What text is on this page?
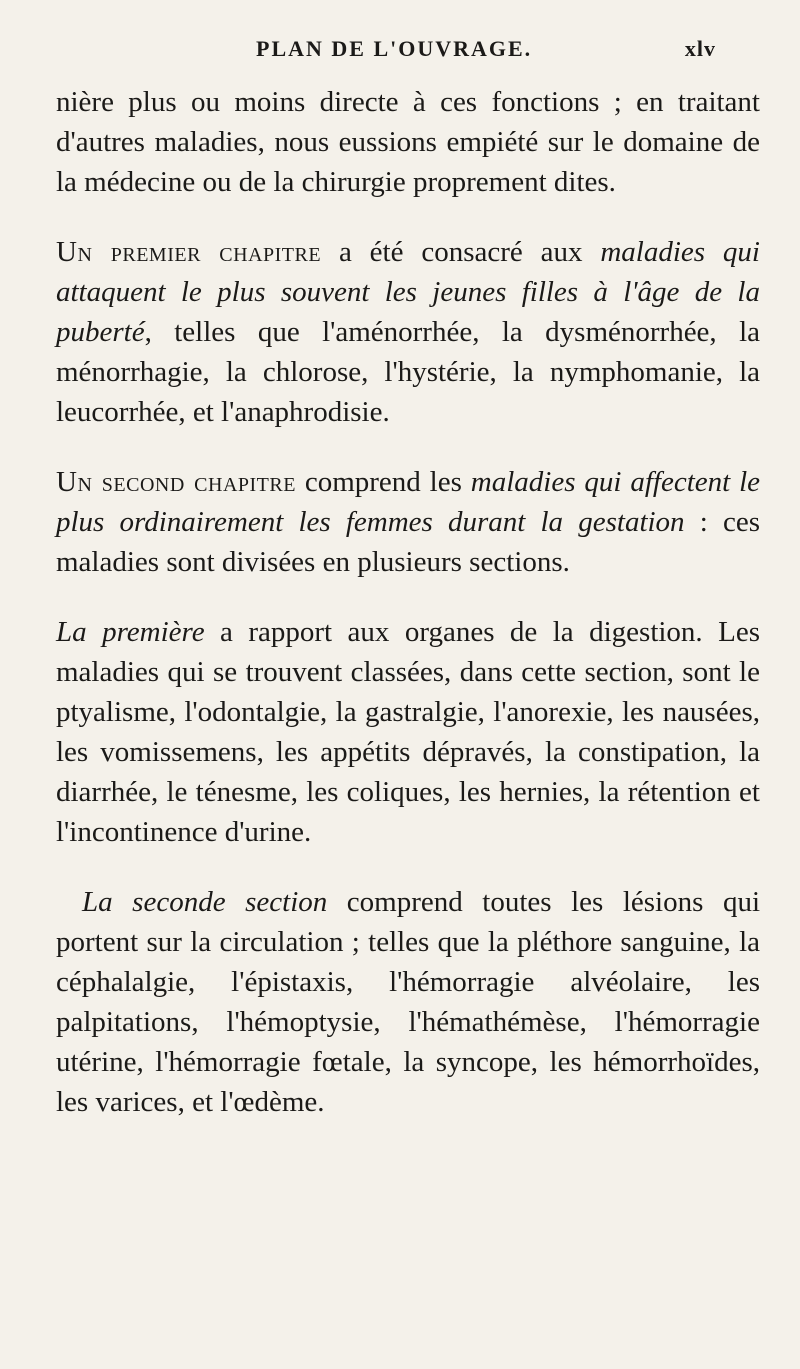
PLAN DE L'OUVRAGE.	xlv

nière plus ou moins directe à ces fonctions ; en traitant d'autres maladies, nous eussions empiété sur le domaine de la médecine ou de la chirurgie proprement dites.

Un premier chapitre a été consacré aux maladies qui attaquent le plus souvent les jeunes filles à l'âge de la puberté, telles que l'aménorrhée, la dysménorrhée, la ménorrhagie, la chlorose, l'hystérie, la nymphomanie, la leucorrhée, et l'anaphrodisie.

Un second chapitre comprend les maladies qui affectent le plus ordinairement les femmes durant la gestation : ces maladies sont divisées en plusieurs sections.

La première a rapport aux organes de la digestion. Les maladies qui se trouvent classées, dans cette section, sont le ptyalisme, l'odontalgie, la gastralgie, l'anorexie, les nausées, les vomissemens, les appétits dépravés, la constipation, la diarrhée, le ténesme, les coliques, les hernies, la rétention et l'incontinence d'urine.

La seconde section comprend toutes les lésions qui portent sur la circulation ; telles que la pléthore sanguine, la céphalalgie, l'épistaxis, l'hémorragie alvéolaire, les palpitations, l'hémoptysie, l'hémathémèse, l'hémorragie utérine, l'hémorragie fœtale, la syncope, les hémorrhoïdes, les varices, et l'œdème.
